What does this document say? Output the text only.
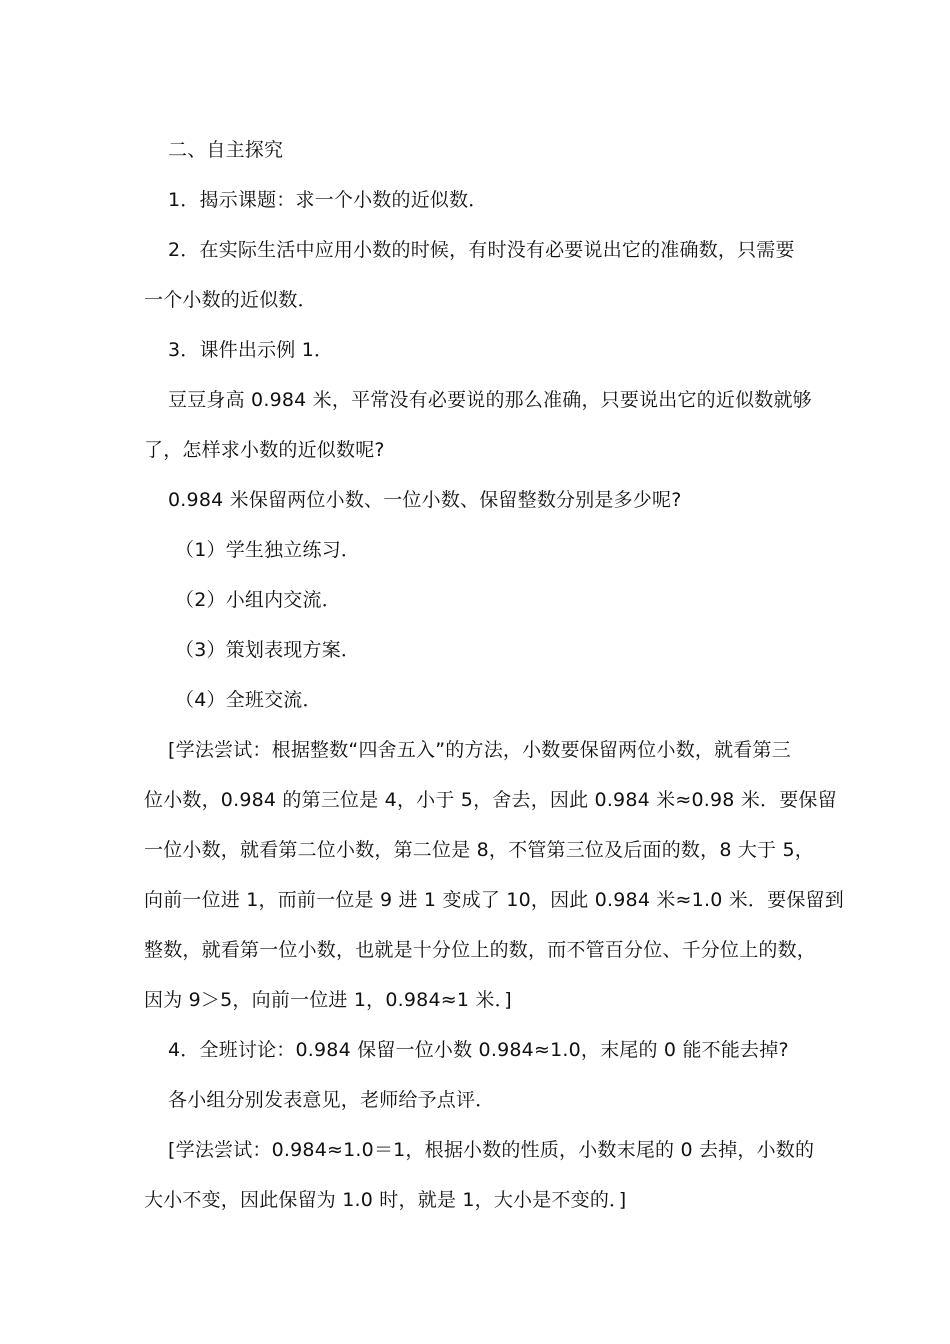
二、自主探究
1．揭示课题：求一个小数的近似数．
2．在实际生活中应用小数的时候，有时没有必要说出它的准确数，只需要
一个小数的近似数．
3．课件出示例 1．
豆豆身高 0.984 米，平常没有必要说的那么准确，只要说出它的近似数就够
了，怎样求小数的近似数呢?
0.984 米保留两位小数、一位小数、保留整数分别是多少呢?
（1）学生独立练习．
（2）小组内交流．
（3）策划表现方案．
（4）全班交流．
[学法尝试：根据整数“四舍五入”的方法，小数要保留两位小数，就看第三
位小数，0.984 的第三位是 4，小于 5，舍去，因此 0.984 米≈0.98 米．要保留
一位小数，就看第二位小数，第二位是 8，不管第三位及后面的数，8 大于 5，
向前一位进 1，而前一位是 9 进 1 变成了 10，因此 0.984 米≈1.0 米．要保留到
整数，就看第一位小数，也就是十分位上的数，而不管百分位、千分位上的数，
因为 9＞5，向前一位进 1，0.984≈1 米．]
4．全班讨论：0.984 保留一位小数 0.984≈1.0，末尾的 0 能不能去掉?
各小组分别发表意见，老师给予点评．
[学法尝试：0.984≈1.0＝1，根据小数的性质，小数末尾的 0 去掉，小数的
大小不变，因此保留为 1.0 时，就是 1，大小是不变的．]
